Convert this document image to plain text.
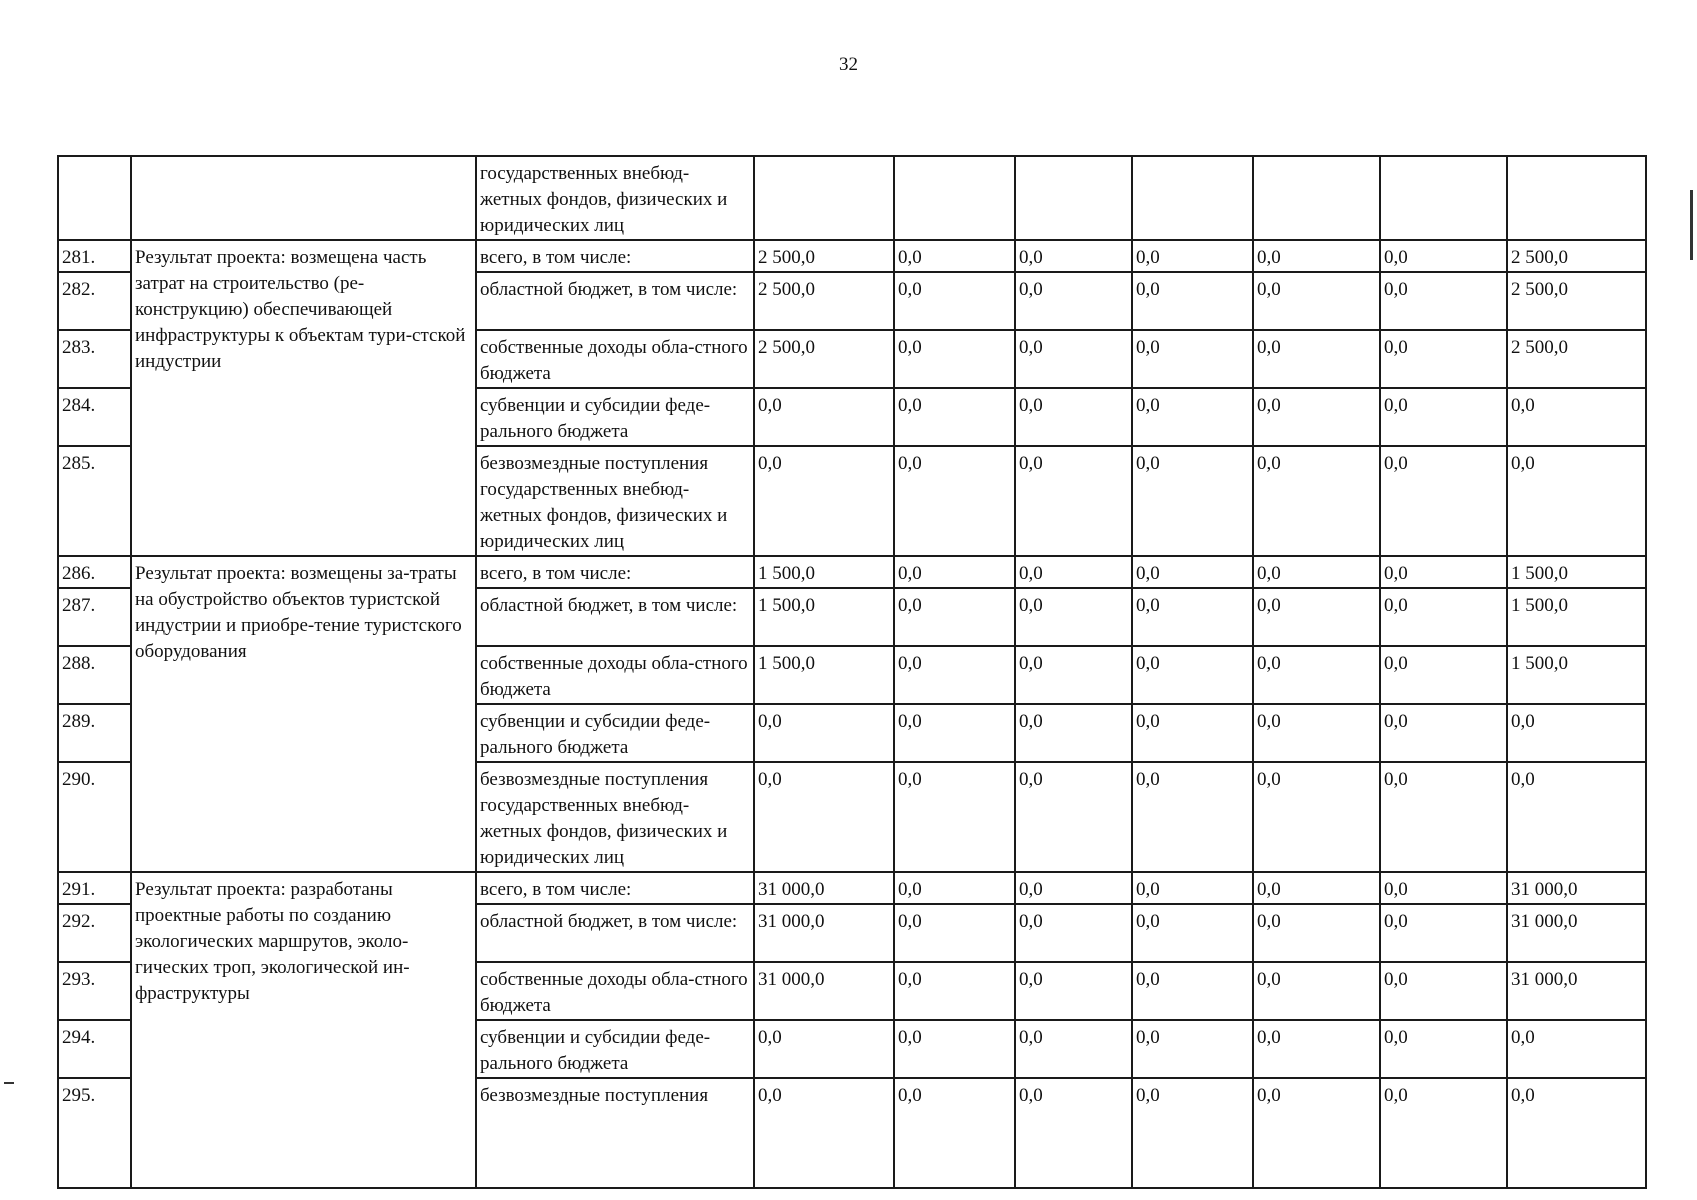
32
		государственных внебюд-жетных фондов, физических и юридических лиц							
281.	Результат проекта: возмещена часть затрат на строительство (ре-конструкцию) обеспечивающей инфраструктуры к объектам тури-стской индустрии	всего, в том числе:	2 500,0	0,0	0,0	0,0	0,0	0,0	2 500,0
282.		областной бюджет, в том числе:	2 500,0	0,0	0,0	0,0	0,0	0,0	2 500,0
283.		собственные доходы обла-стного бюджета	2 500,0	0,0	0,0	0,0	0,0	0,0	2 500,0
284.		субвенции и субсидии феде-рального бюджета	0,0	0,0	0,0	0,0	0,0	0,0	0,0
285.		безвозмездные поступления государственных внебюд-жетных фондов, физических и юридических лиц	0,0	0,0	0,0	0,0	0,0	0,0	0,0
286.	Результат проекта: возмещены за-траты на обустройство объектов туристской индустрии и приобре-тение туристского оборудования	всего, в том числе:	1 500,0	0,0	0,0	0,0	0,0	0,0	1 500,0
287.		областной бюджет, в том числе:	1 500,0	0,0	0,0	0,0	0,0	0,0	1 500,0
288.		собственные доходы обла-стного бюджета	1 500,0	0,0	0,0	0,0	0,0	0,0	1 500,0
289.		субвенции и субсидии феде-рального бюджета	0,0	0,0	0,0	0,0	0,0	0,0	0,0
290.		безвозмездные поступления государственных внебюд-жетных фондов, физических и юридических лиц	0,0	0,0	0,0	0,0	0,0	0,0	0,0
291.	Результат проекта: разработаны проектные работы по созданию экологических маршрутов, эколо-гических троп, экологической ин-фраструктуры	всего, в том числе:	31 000,0	0,0	0,0	0,0	0,0	0,0	31 000,0
292.		областной бюджет, в том числе:	31 000,0	0,0	0,0	0,0	0,0	0,0	31 000,0
293.		собственные доходы обла-стного бюджета	31 000,0	0,0	0,0	0,0	0,0	0,0	31 000,0
294.		субвенции и субсидии феде-рального бюджета	0,0	0,0	0,0	0,0	0,0	0,0	0,0
295.		безвозмездные поступления	0,0	0,0	0,0	0,0	0,0	0,0	0,0
